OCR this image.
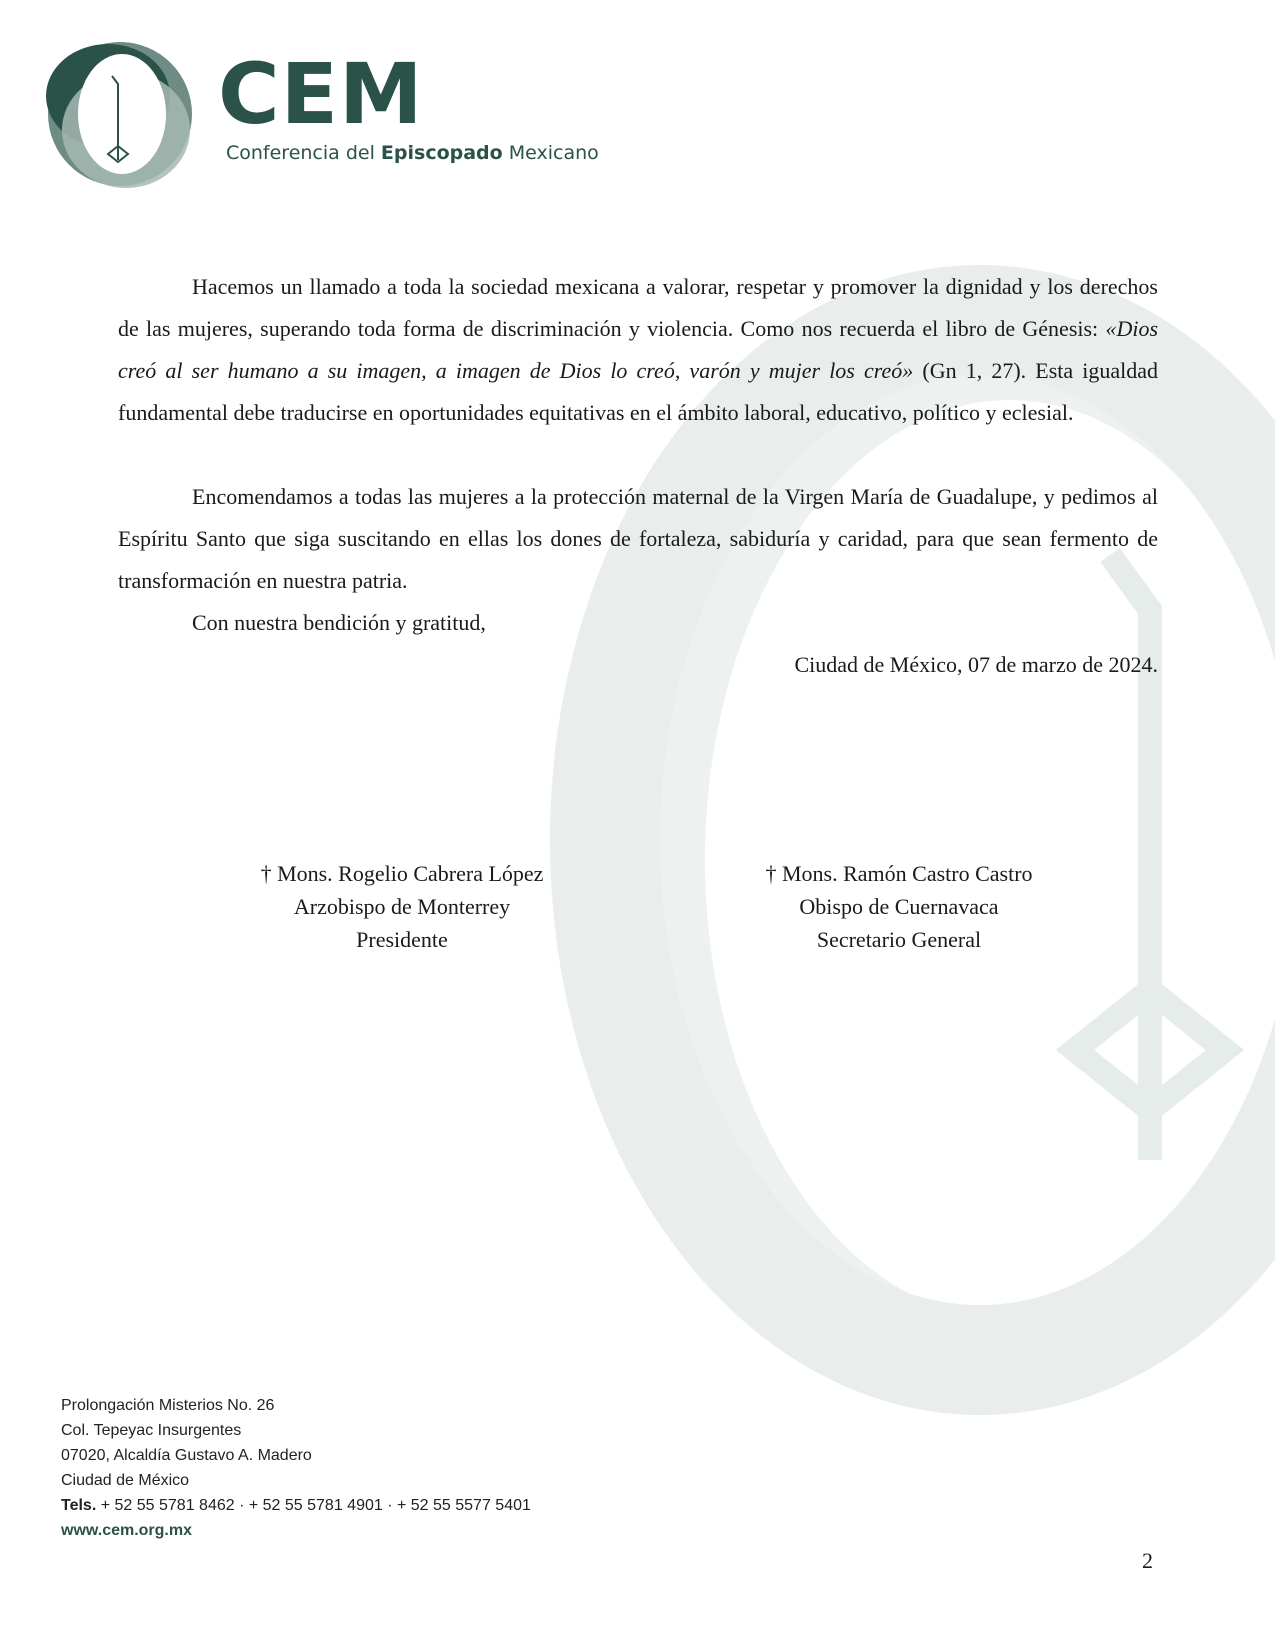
CEM
Conferencia del Episcopado Mexicano

Hacemos un llamado a toda la sociedad mexicana a valorar, respetar y promover la dignidad y los derechos de las mujeres, superando toda forma de discriminación y violencia. Como nos recuerda el libro de Génesis: «Dios creó al ser humano a su imagen, a imagen de Dios lo creó, varón y mujer los creó» (Gn 1, 27). Esta igualdad fundamental debe traducirse en oportunidades equitativas en el ámbito laboral, educativo, político y eclesial.

Encomendamos a todas las mujeres a la protección maternal de la Virgen María de Guadalupe, y pedimos al Espíritu Santo que siga suscitando en ellas los dones de fortaleza, sabiduría y caridad, para que sean fermento de transformación en nuestra patria.

Con nuestra bendición y gratitud,

Ciudad de México, 07 de marzo de 2024.

† Mons. Rogelio Cabrera López
Arzobispo de Monterrey
Presidente
† Mons. Ramón Castro Castro
Obispo de Cuernavaca
Secretario General
Prolongación Misterios No. 26
Col. Tepeyac Insurgentes
07020, Alcaldía Gustavo A. Madero
Ciudad de México
Tels. + 52 55 5781 8462 · + 52 55 5781 4901 · + 52 55 5577 5401
www.cem.org.mx
2
